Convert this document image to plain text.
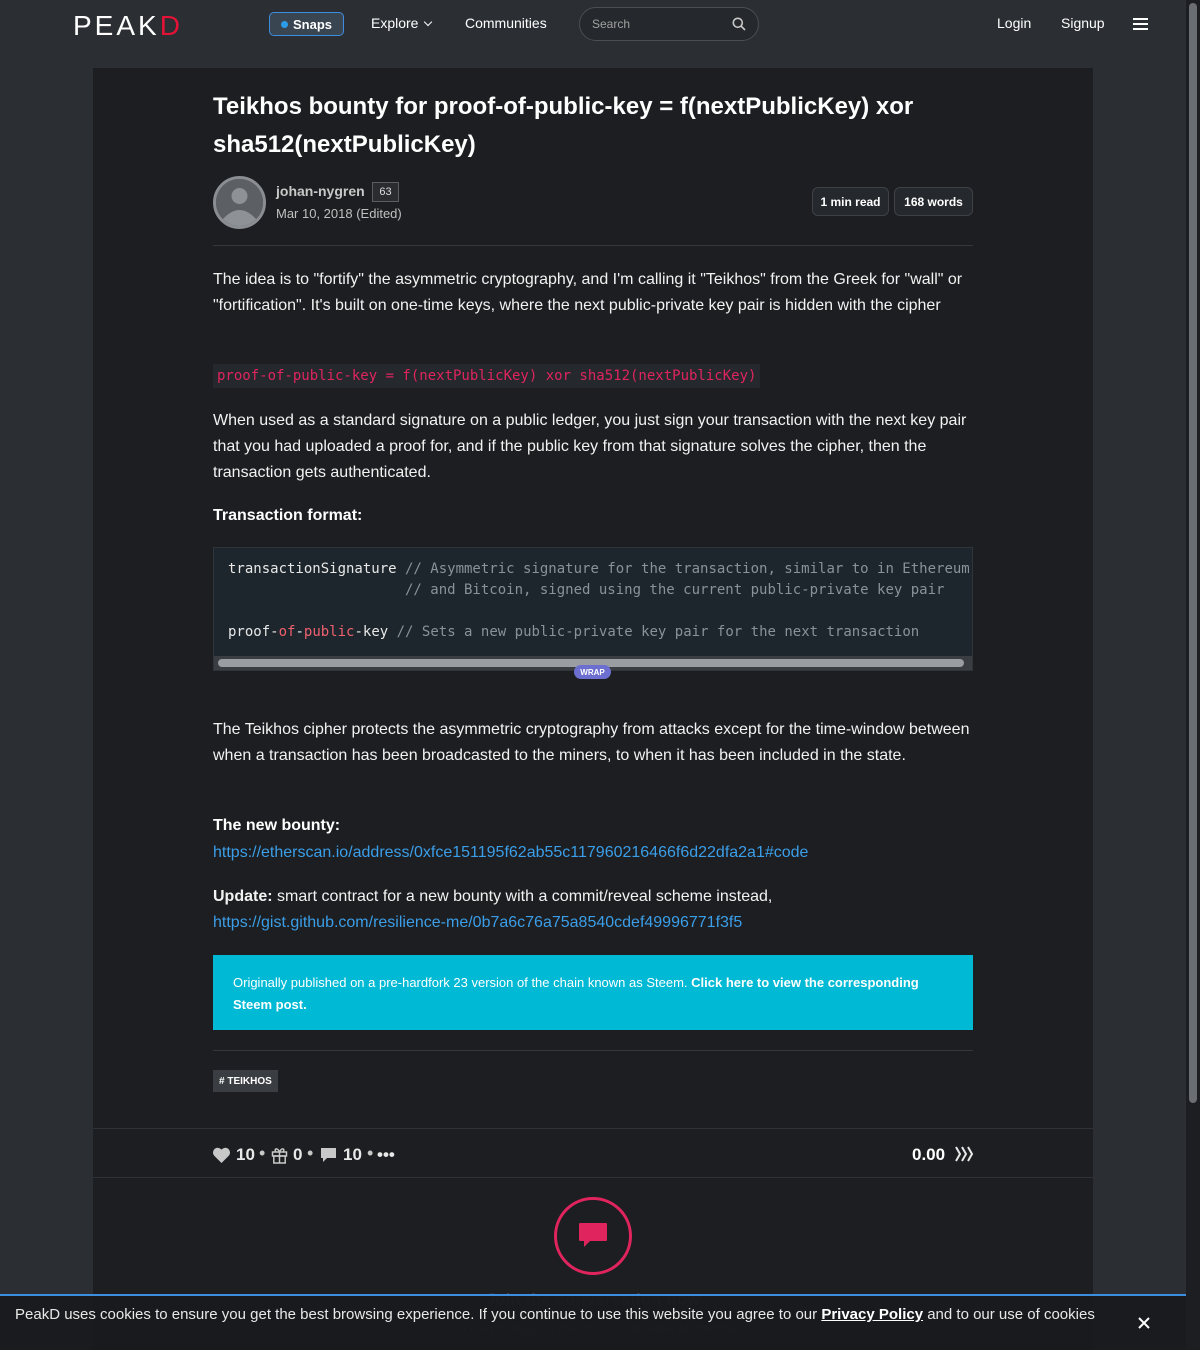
PEAKD	Snaps	Explore	Communities
Search	Login Signup
Teikhos bounty for proof-of-public-key = f(nextPublicKey) xor sha512(nextPublicKey)
johan-nygren	63
Mar 10, 2018 (Edited)
1 min read	168 words

The idea is to "fortify" the asymmetric cryptography, and I'm calling it "Teikhos" from the Greek for "wall" or "fortification". It's built on one-time keys, where the next public-private key pair is hidden with the cipher

proof-of-public-key = f(nextPublicKey) xor sha512(nextPublicKey)

When used as a standard signature on a public ledger, you just sign your transaction with the next key pair that you had uploaded a proof for, and if the public key from that signature solves the cipher, then the transaction gets authenticated.

Transaction format:
transactionSignature // Asymmetric signature for the transaction, similar to in Ethereum
// and Bitcoin, signed using the current public-private key pair
proof-of-public-key // Sets a new public-private key pair for the next transaction
WRAP

The Teikhos cipher protects the asymmetric cryptography from attacks except for the time-window between when a transaction has been broadcasted to the miners, to when it has been included in the state.

The new bounty:
https://etherscan.io/address/0xfce151195f62ab55c117960216466f6d22dfa2a1#code

Update: smart contract for a new bounty with a commit/reveal scheme instead,
https://gist.github.com/resilience-me/0b7a6c76a75a8540cdef49996771f3f5

Originally published on a pre-hardfork 23 version of the chain known as Steem. Click here to view the corresponding Steem post.
# TEIKHOS
10 • 0 • 10 • •••	0.00
PeakD uses cookies to ensure you get the best browsing experience. If you continue to use this website you agree to our Privacy Policy and to our use of cookies
